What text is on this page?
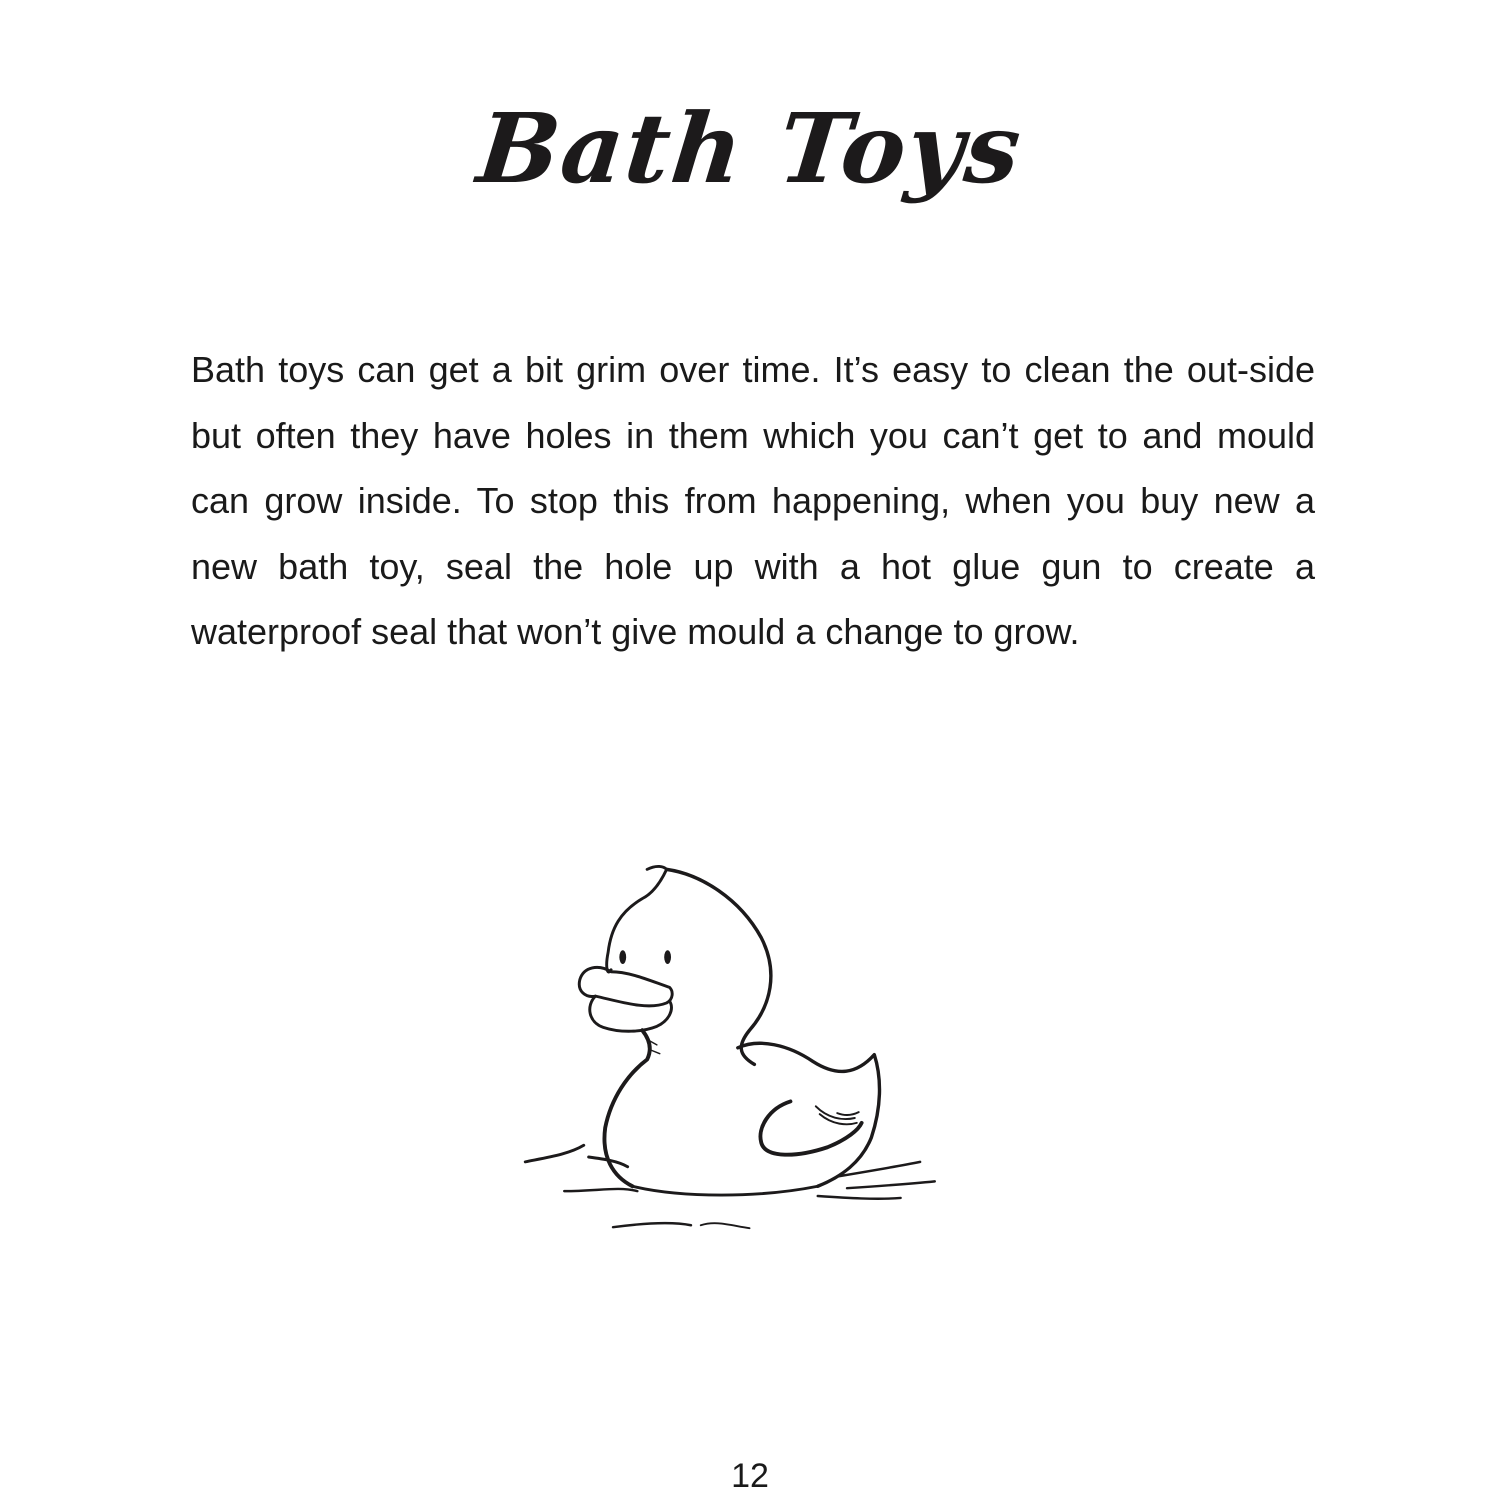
Bath Toys

Bath toys can get a bit grim over time. It’s easy to clean the out-side but often they have holes in them which you can’t get to and mould can grow inside. To stop this from happening, when you buy new a new bath toy, seal the hole up with a hot glue gun to create a waterproof seal that won’t give mould a change to grow.

12
